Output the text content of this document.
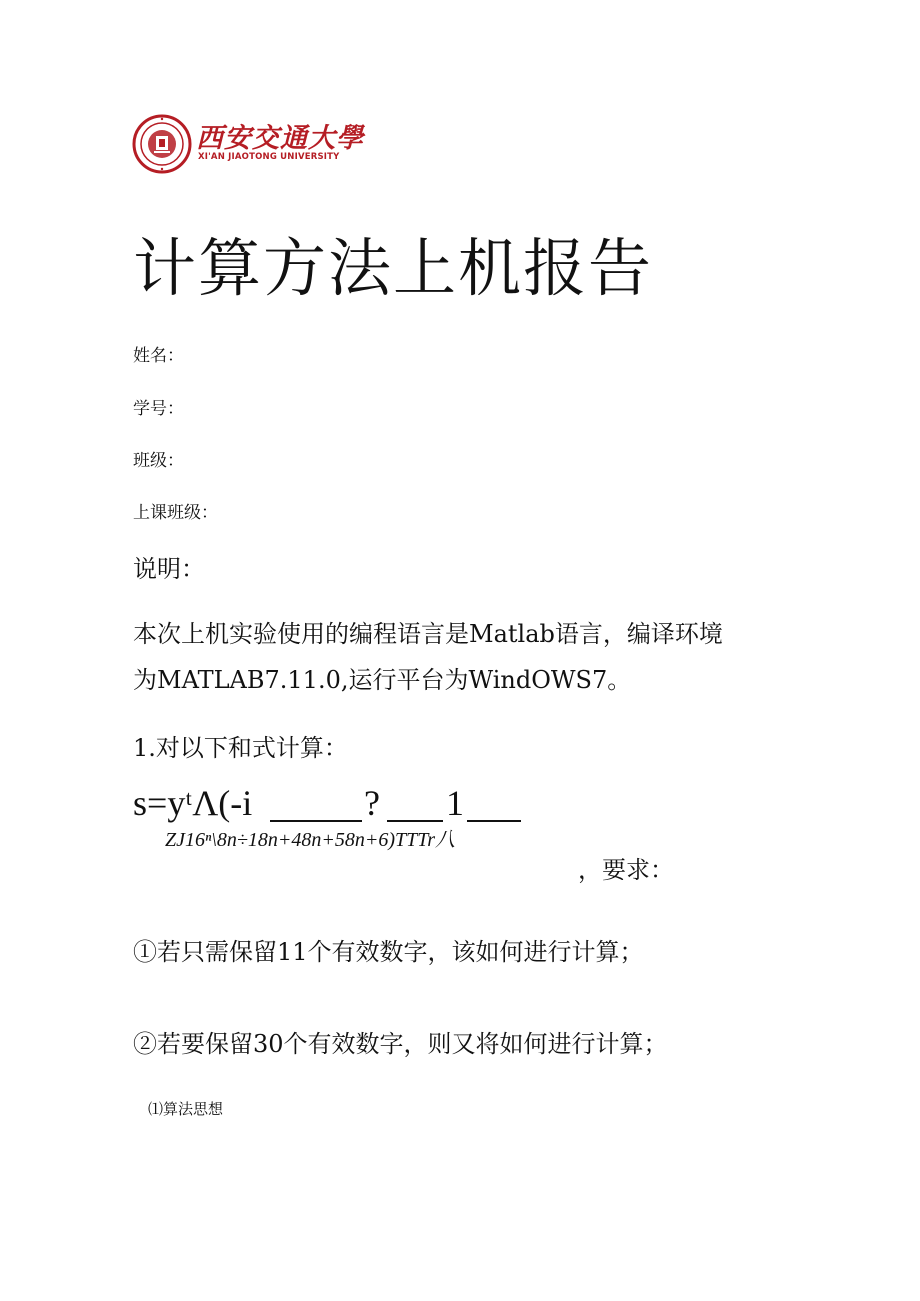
西安交通大學
XI'AN JIAOTONG UNIVERSITY
计算方法上机报告
姓名：
学号：
班级：
上课班级：
说明：
本次上机实验使用的编程语言是Matlab语言，编译环境
为MATLAB7.11.0,运行平台为WindOWS7。
1.对以下和式计算：
s=yᵗΛ(-i	? 1
ZJ16ⁿ\8n÷18n+48n+58n+6)TTTr八
，要求：
①若只需保留11个有效数字，该如何进行计算；
②若要保留30个有效数字，则又将如何进行计算；
⑴算法思想
